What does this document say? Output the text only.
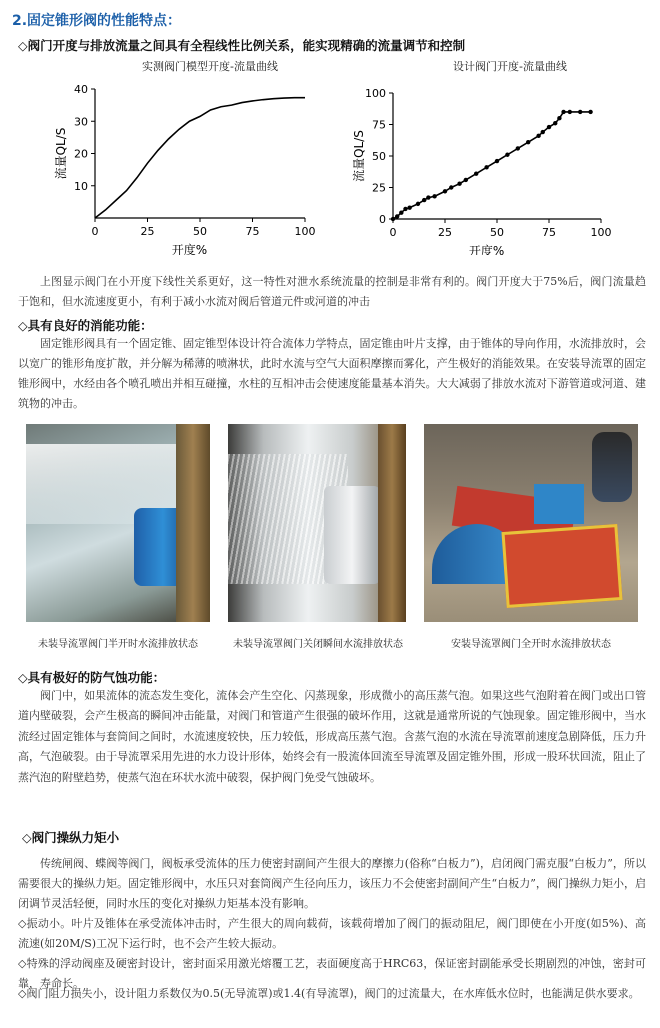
2.固定锥形阀的性能特点：
◇阀门开度与排放流量之间具有全程线性比例关系，能实现精确的流量调节和控制
实测阀门模型开度-流量曲线
0	25	50	75	100
10
20
30
40
开度%
流量QL/S
设计阀门开度-流量曲线
0	25	50	75	100
0
25
50
75
100
开度%
流量QL/S
上图显示阀门在小开度下线性关系更好，这一特性对泄水系统流量的控制是非常有利的。阀门开度大于75%后，阀门流量趋于饱和，但水流速度更小，有利于减小水流对阀后管道元件或河道的冲击
◇具有良好的消能功能：
固定锥形阀具有一个固定锥、固定锥型体设计符合流体力学特点，固定锥由叶片支撑，由于锥体的导向作用，水流排放时，会以宽广的锥形角度扩散，并分解为稀薄的喷淋状，此时水流与空气大面积摩擦而雾化，产生极好的消能效果。在安装导流罩的固定锥形阀中，水经由各个喷孔喷出并相互碰撞，水柱的互相冲击会使速度能量基本消失。大大减弱了排放水流对下游管道或河道、建筑物的冲击。
未装导流罩阀门半开时水流排放状态	未装导流罩阀门关闭瞬间水流排放状态	安装导流罩阀门全开时水流排放状态
◇具有极好的防气蚀功能：
阀门中，如果流体的流态发生变化，流体会产生空化、闪蒸现象，形成微小的高压蒸气泡。如果这些气泡附着在阀门或出口管道内壁破裂，会产生极高的瞬间冲击能量，对阀门和管道产生很强的破坏作用，这就是通常所说的气蚀现象。固定锥形阀中，当水流经过固定锥体与套筒间之间时，水流速度较快，压力较低，形成高压蒸气泡。含蒸气泡的水流在导流罩前速度急剧降低，压力升高，气泡破裂。由于导流罩采用先进的水力设计形体，始终会有一股流体回流至导流罩及固定锥外围，形成一股环状回流，阻止了蒸汽泡的附壁趋势，使蒸气泡在环状水流中破裂，保护阀门免受气蚀破坏。
◇阀门操纵力矩小
传统闸阀、蝶阀等阀门，阀板承受流体的压力使密封副间产生很大的摩擦力(俗称“白板力”)，启闭阀门需克服“白板力”，所以需要很大的操纵力矩。固定锥形阀中，水压只对套筒阀产生径向压力，该压力不会使密封副间产生“白板力”，阀门操纵力矩小，启闭调节灵活轻便，同时水压的变化对操纵力矩基本没有影响。
◇振动小。叶片及锥体在承受流体冲击时，产生很大的周向载荷，该载荷增加了阀门的振动阻尼，阀门即使在小开度(如5%)、高流速(如20M/S)工况下运行时，也不会产生较大振动。
◇特殊的浮动阀座及硬密封设计，密封面采用激光熔覆工艺，表面硬度高于HRC63，保证密封副能承受长期剧烈的冲蚀，密封可靠，寿命长。
◇阀门阻力损失小，设计阻力系数仅为0.5(无导流罩)或1.4(有导流罩)，阀门的过流量大，在水库低水位时，也能满足供水要求。
